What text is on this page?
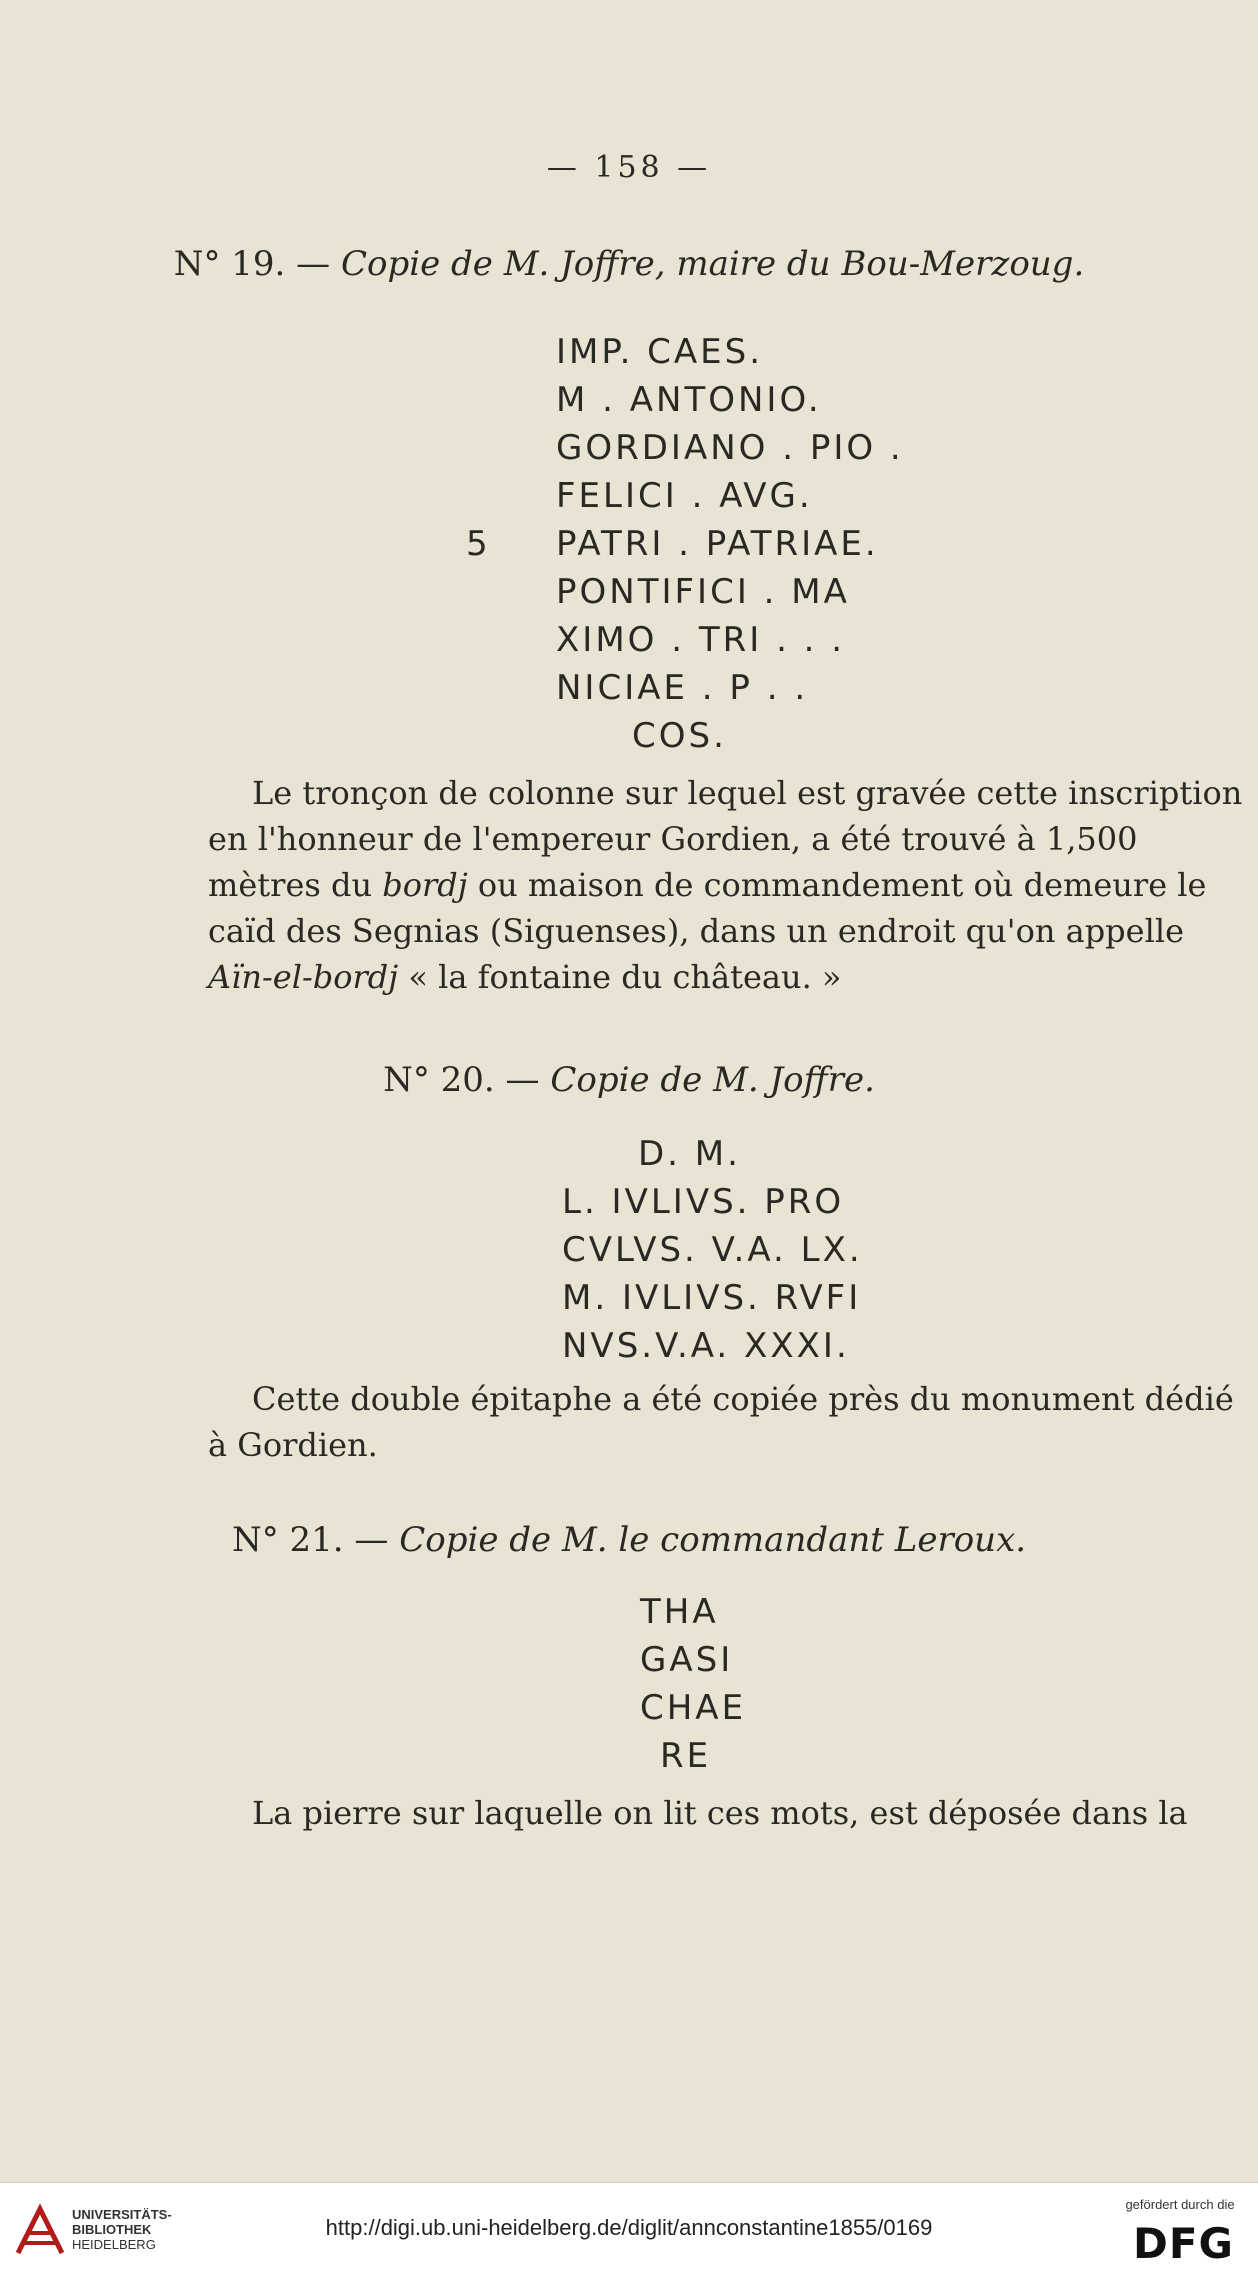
— 158 —
N° 19. — Copie de M. Joffre, maire du Bou-Merzoug.
IMP. CAES.
M . ANTONIO.
GORDIANO . PIO .
FELICI . AVG.
5 PATRI . PATRIAE.
PONTIFICI . MA
XIMO . TRI . . .
NICIAE . P . .
COS.
Le tronçon de colonne sur lequel est gravée cette inscription
en l'honneur de l'empereur Gordien, a été trouvé à 1,500
mètres du bordj ou maison de commandement où demeure le
caïd des Segnias (Siguenses), dans un endroit qu'on appelle
Aïn-el-bordj « la fontaine du château. »
N° 20. — Copie de M. Joffre.
D. M.
L. IVLIVS. PRO
CVLVS. V.A. LX.
M. IVLIVS. RVFI
NVS.V.A. XXXI.
Cette double épitaphe a été copiée près du monument dédié
à Gordien.
N° 21. — Copie de M. le commandant Leroux.
THA
GASI
CHAE
RE
La pierre sur laquelle on lit ces mots, est déposée dans la
UNIVERSITÄTS-
BIBLIOTHEK
HEIDELBERG
http://digi.ub.uni-heidelberg.de/diglit/annconstantine1855/0169
gefördert durch die
DFG
